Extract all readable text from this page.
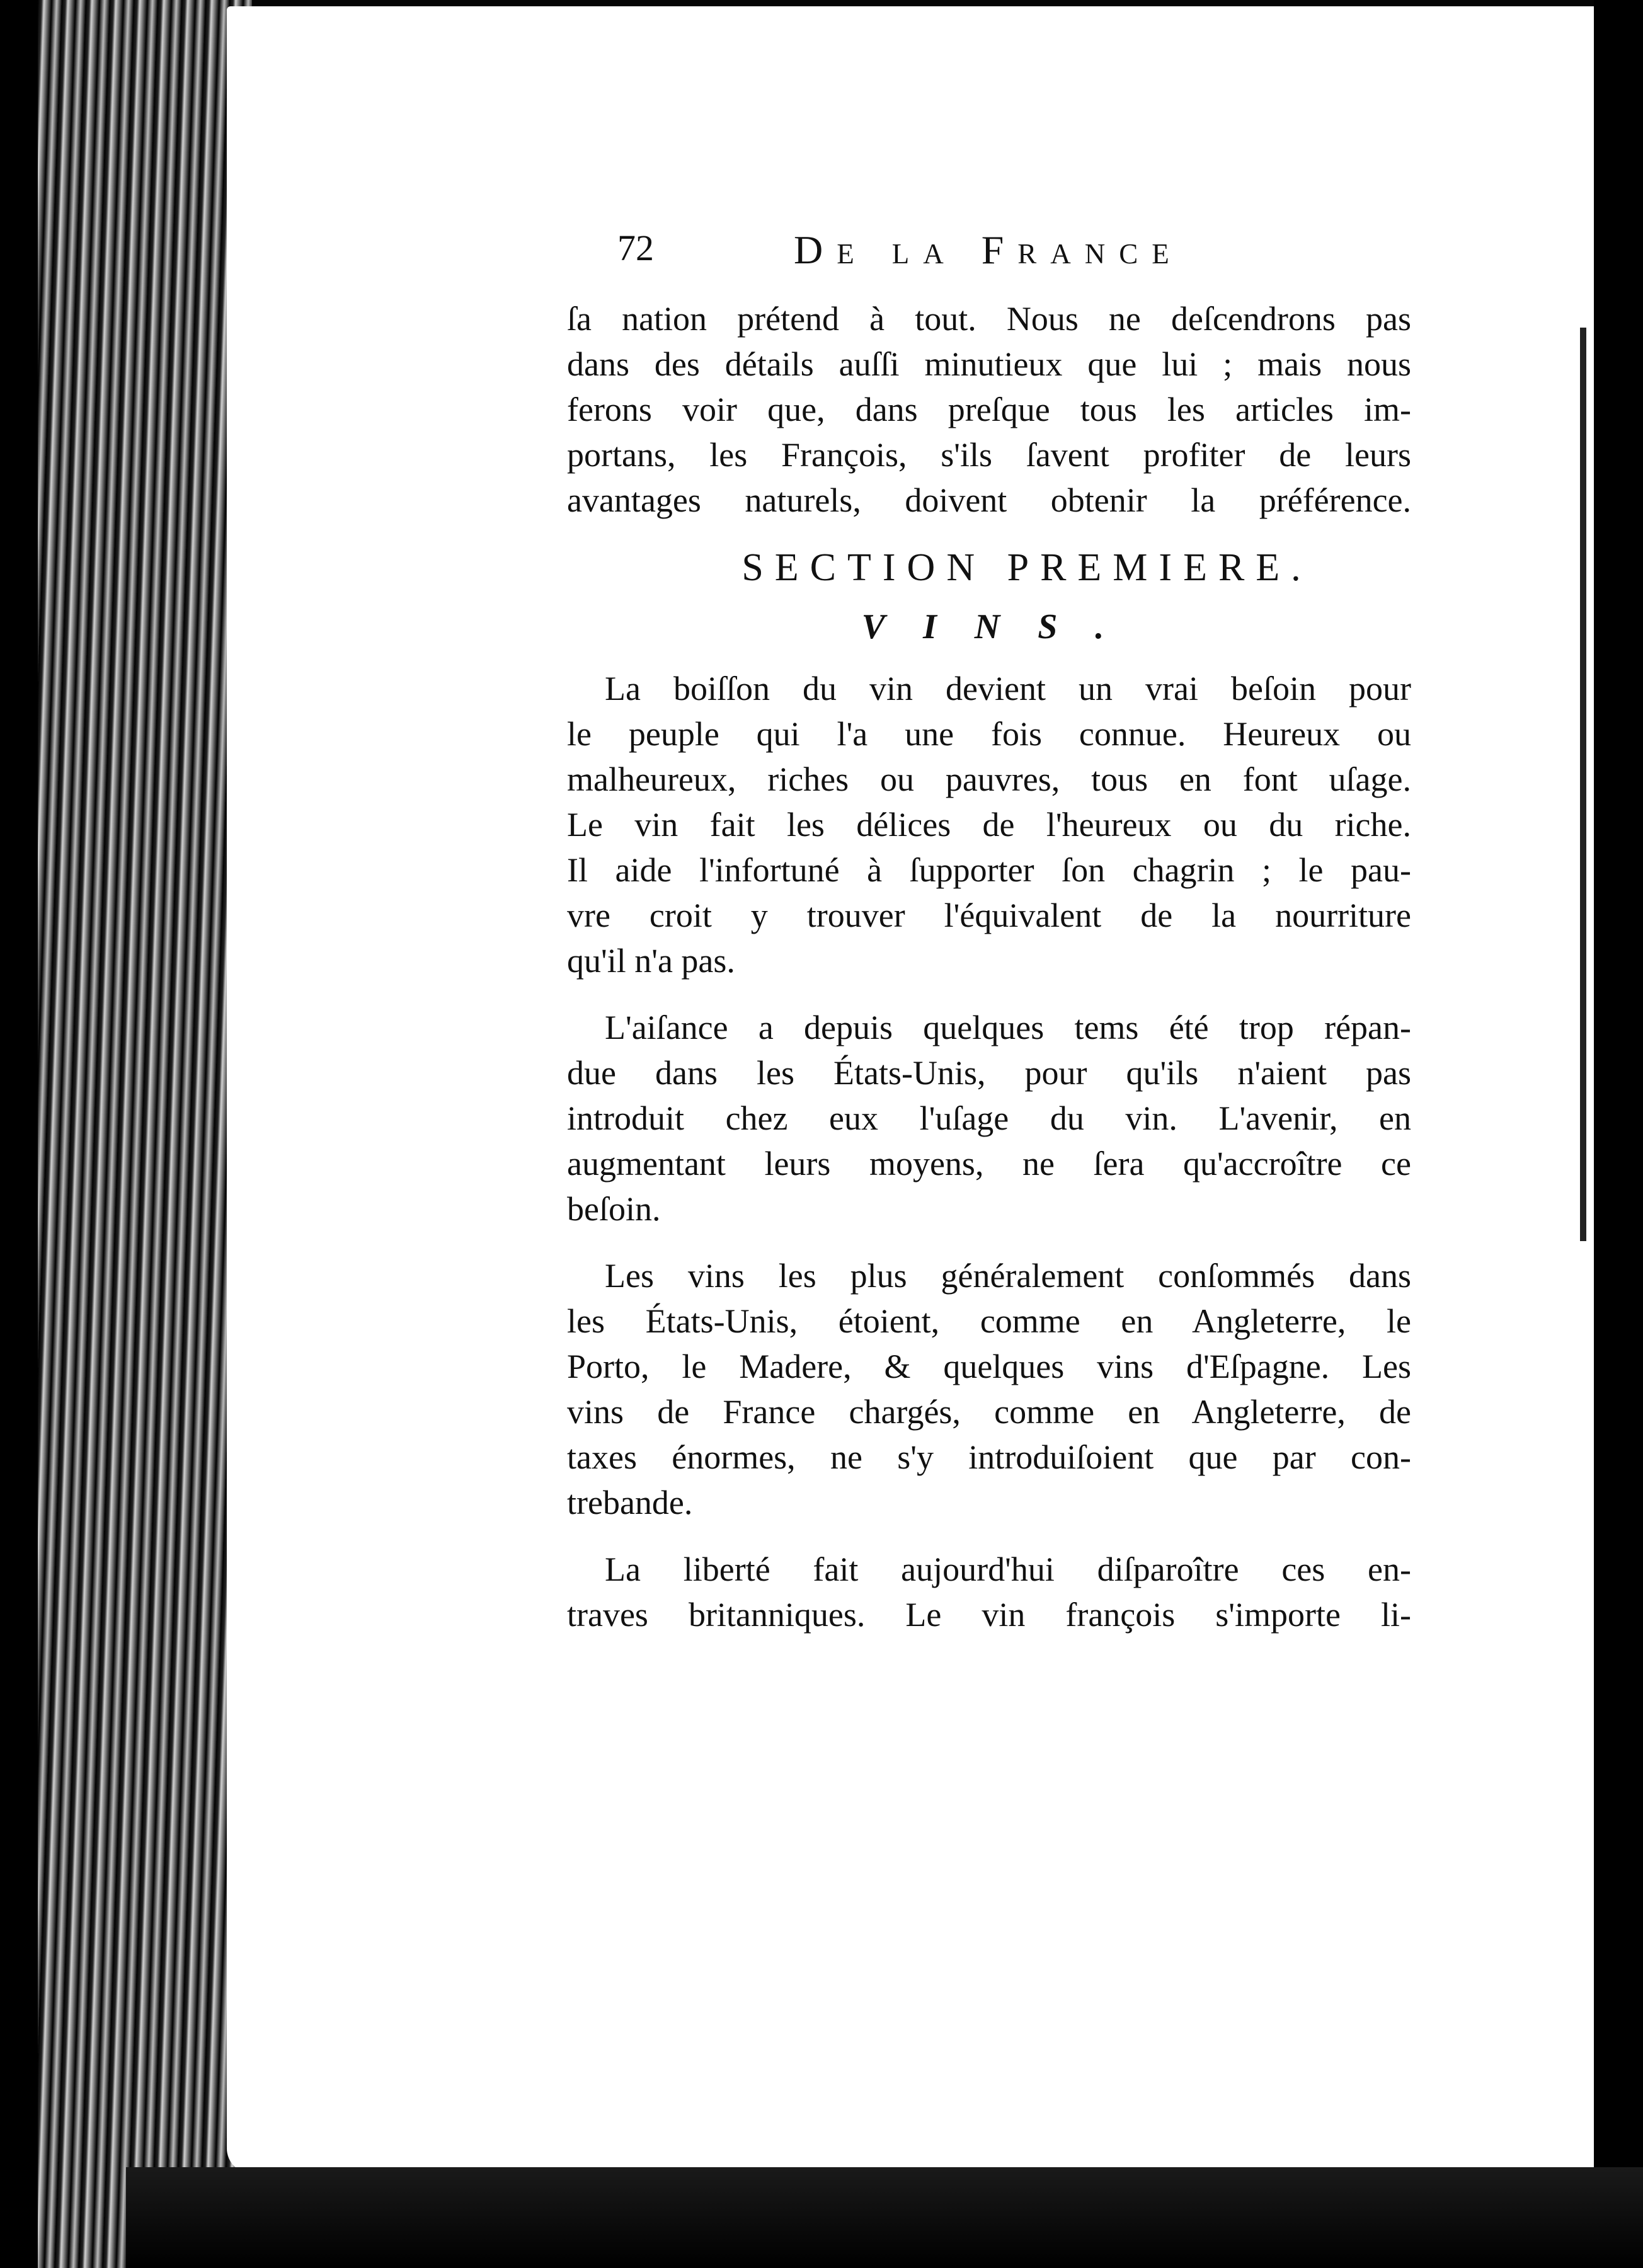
72	De la France
ſa nation prétend à tout. Nous ne deſcendrons pas
dans des détails auſſi minutieux que lui ; mais nous
ferons voir que, dans preſque tous les articles im-
portans, les François, s'ils ſavent profiter de leurs
avantages naturels, doivent obtenir la préférence.
SECTION PREMIERE.
VINS.
La boiſſon du vin devient un vrai beſoin pour
le peuple qui l'a une fois connue. Heureux ou
malheureux, riches ou pauvres, tous en font uſage.
Le vin fait les délices de l'heureux ou du riche.
Il aide l'infortuné à ſupporter ſon chagrin ; le pau-
vre croit y trouver l'équivalent de la nourriture
qu'il n'a pas.
L'aiſance a depuis quelques tems été trop répan-
due dans les États-Unis, pour qu'ils n'aient pas
introduit chez eux l'uſage du vin. L'avenir, en
augmentant leurs moyens, ne ſera qu'accroître ce
beſoin.
Les vins les plus généralement conſommés dans
les États-Unis, étoient, comme en Angleterre, le
Porto, le Madere, & quelques vins d'Eſpagne. Les
vins de France chargés, comme en Angleterre, de
taxes énormes, ne s'y introduiſoient que par con-
trebande.
La liberté fait aujourd'hui diſparoître ces en-
traves britanniques. Le vin françois s'importe li-
